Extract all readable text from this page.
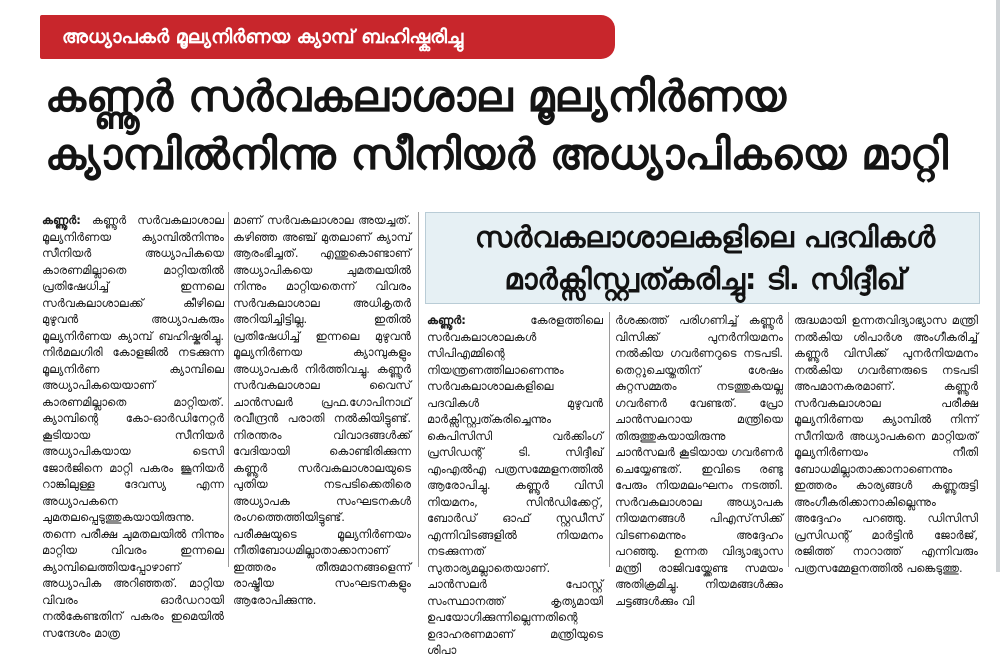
അധ്യാപകർ മൂല്യനിർണയ ക്യാമ്പ് ബഹിഷ്കരിച്ചു
കണ്ണൂർ സർവകലാശാല മൂല്യനിർണയ
ക്യാമ്പിൽനിന്നു സീനിയർ അധ്യാപികയെ മാറ്റി
കണ്ണൂർ: കണ്ണൂർ സർവകലാശാല മൂല്യനിർണയ ക്യാമ്പിൽനിന്നും സീനിയർ അധ്യാപികയെ കാരണമില്ലാതെ മാറ്റിയതിൽ പ്രതിഷേധിച്ച് ഇന്നലെ സർവകലാശാലക്ക് കീഴിലെ മുഴുവൻ അധ്യാപകരും മൂല്യനിർണയ ക്യാമ്പ് ബഹിഷ്കരിച്ചു. നിർമലഗിരി കോളജിൽ നടക്കുന്ന മൂല്യനിർണ ക്യാമ്പിലെ അധ്യാപികയെയാണ് കാരണമില്ലാതെ മാറ്റിയത്. ക്യാമ്പിന്റെ കോ-ഓർഡിനേറ്റർ കൂടിയായ സീനിയർ അധ്യാപികയായ ടെസി ജോർജിനെ മാറ്റി പകരം ജൂനിയർ റാങ്കിലുള്ള ദേവസ്യ എന്ന അധ്യാപകനെ ചുമതലപ്പെടുത്തുകയായിരുന്നു. തന്നെ പരീക്ഷ ചുമതലയിൽ നിന്നും മാറ്റിയ വിവരം ഇന്നലെ ക്യാമ്പിലെത്തിയപ്പോഴാണ് അധ്യാപിക അറിഞ്ഞത്. മാറ്റിയ വിവരം ഓർഡറായി നൽകേണ്ടതിന് പകരം ഇമെയിൽ സന്ദേശം മാത്ര
മാണ് സർവകലാശാല അയച്ചത്. കഴിഞ്ഞ അഞ്ച് മുതലാണ് ക്യാമ്പ് ആരംഭിച്ചത്. എന്തുകൊണ്ടാണ് അധ്യാപികയെ ചുമതലയിൽ നിന്നും മാറ്റിയതെന്ന് വിവരം സർവകലാശാല അധികൃതർ അറിയിച്ചിട്ടില്ല. ഇതിൽ പ്രതിഷേധിച്ച് ഇന്നലെ മുഴുവൻ മൂല്യനിർണയ ക്യാമ്പുകളും അധ്യാപകർ നിർത്തിവച്ചു. കണ്ണൂർ സർവകലാശാല വൈസ് ചാൻസലർ പ്രഫ.ഗോപിനാഥ് രവീന്ദ്രൻ പരാതി നൽകിയിട്ടുണ്ട്. നിരന്തരം വിവാദങ്ങൾക്ക് വേദിയായി കൊണ്ടിരിക്കുന്ന കണ്ണൂർ സർവകലാശാലയുടെ പുതിയ നടപടിക്കെതിരെ അധ്യാപക സംഘടനകൾ രംഗത്തെത്തിയിട്ടുണ്ട്. പരീക്ഷയുടെ മൂല്യനിർണയം നീതിബോധമില്ലാതാക്കാനാണ് ഇത്തരം തീരുമാനങ്ങളെന്ന് രാഷ്ട്രീയ സംഘടനകളും ആരോപിക്കുന്നു.
സർവകലാശാലകളിലെ പദവികൾ
മാർക്സിസ്റ്റ്വത്കരിച്ചു: ടി. സിദ്ദീഖ്
കണ്ണൂർ:	കേരളത്തിലെ സർവകലാശാലകൾ സിപിഎമ്മിന്റെ നിയന്ത്രണത്തിലാണെന്നും സർവകലാശാലകളിലെ പദവികൾ മുഴുവൻ മാർക്സിസ്റ്റ്വത്കരിച്ചെന്നും കെപിസിസി വർക്കിംഗ് പ്രസിഡന്റ് ടി. സിദ്ദീഖ് എംഎൽഎ പത്രസമ്മേളനത്തിൽ ആരോപിച്ചു. കണ്ണൂർ വിസി നിയമനം, സിൻഡിക്കേറ്റ്, ബോർഡ് ഓഫ് സ്റ്റഡീസ് എന്നിവിടങ്ങളിൽ നിയമനം നടക്കുന്നത് സുതാര്യമല്ലാതെയാണ്. ചാൻസലർ പോസ്റ്റ് സംസ്ഥാനത്ത് കൃത്യമായി ഉപയോഗിക്കുന്നില്ലെന്നതിന്റെ ഉദാഹരണമാണ് മന്ത്രിയുടെ ശിപാ
ർശക്കത്ത് പരിഗണിച്ച് കണ്ണൂർ വിസിക്ക് പുനർനിയമനം നൽകിയ ഗവർണറുടെ നടപടി. തെറ്റുചെയ്തതിന് ശേഷം കുറ്റസമ്മതം നടത്തുകയല്ല ഗവർണർ വേണ്ടത്. പ്രോ ചാൻസലറായ മന്ത്രിയെ തിരുത്തുകയായിരുന്നു ചാൻസലർ കൂടിയായ ഗവർണർ ചെയ്യേണ്ടത്. ഇവിടെ രണ്ടു പേരും നിയമലംഘനം നടത്തി. സർവകലാശാല അധ്യാപക നിയമനങ്ങൾ പിഎസ്‌സിക്ക് വിടണമെന്നും അദ്ദേഹം പറഞ്ഞു. ഉന്നത വിദ്യാഭ്യാസ മന്ത്രി രാജിവയ്ക്കേണ്ട സമയം അതിക്രമിച്ചു. നിയമങ്ങൾക്കും ചട്ടങ്ങൾക്കും വി
രുദ്ധമായി ഉന്നതവിദ്യാഭ്യാസ മന്ത്രി നൽകിയ ശിപാർശ അംഗീകരിച്ച് കണ്ണൂർ വിസിക്ക് പുനർനിയമനം നൽകിയ ഗവർണരുടെ നടപടി അപമാനകരമാണ്. കണ്ണൂർ സർവകലാശാല പരീക്ഷ മൂല്യനിർണയ ക്യാമ്പിൽ നിന്ന് സീനിയർ അധ്യാപകനെ മാറ്റിയത് മൂല്യനിർണയം നീതി ബോധമില്ലാതാക്കാനാണെന്നും ഇത്തരം കാര്യങ്ങൾ കണ്ണൂരുട്ടി അംഗീകരിക്കാനാകില്ലെന്നും അദ്ദേഹം പറഞ്ഞു. ഡിസിസി പ്രസിഡന്റ് മാർട്ടിൻ ജോർജ്, രജിത്ത് നാറാത്ത് എന്നിവരും പത്രസമ്മേളനത്തിൽ പങ്കെടുത്തു.
